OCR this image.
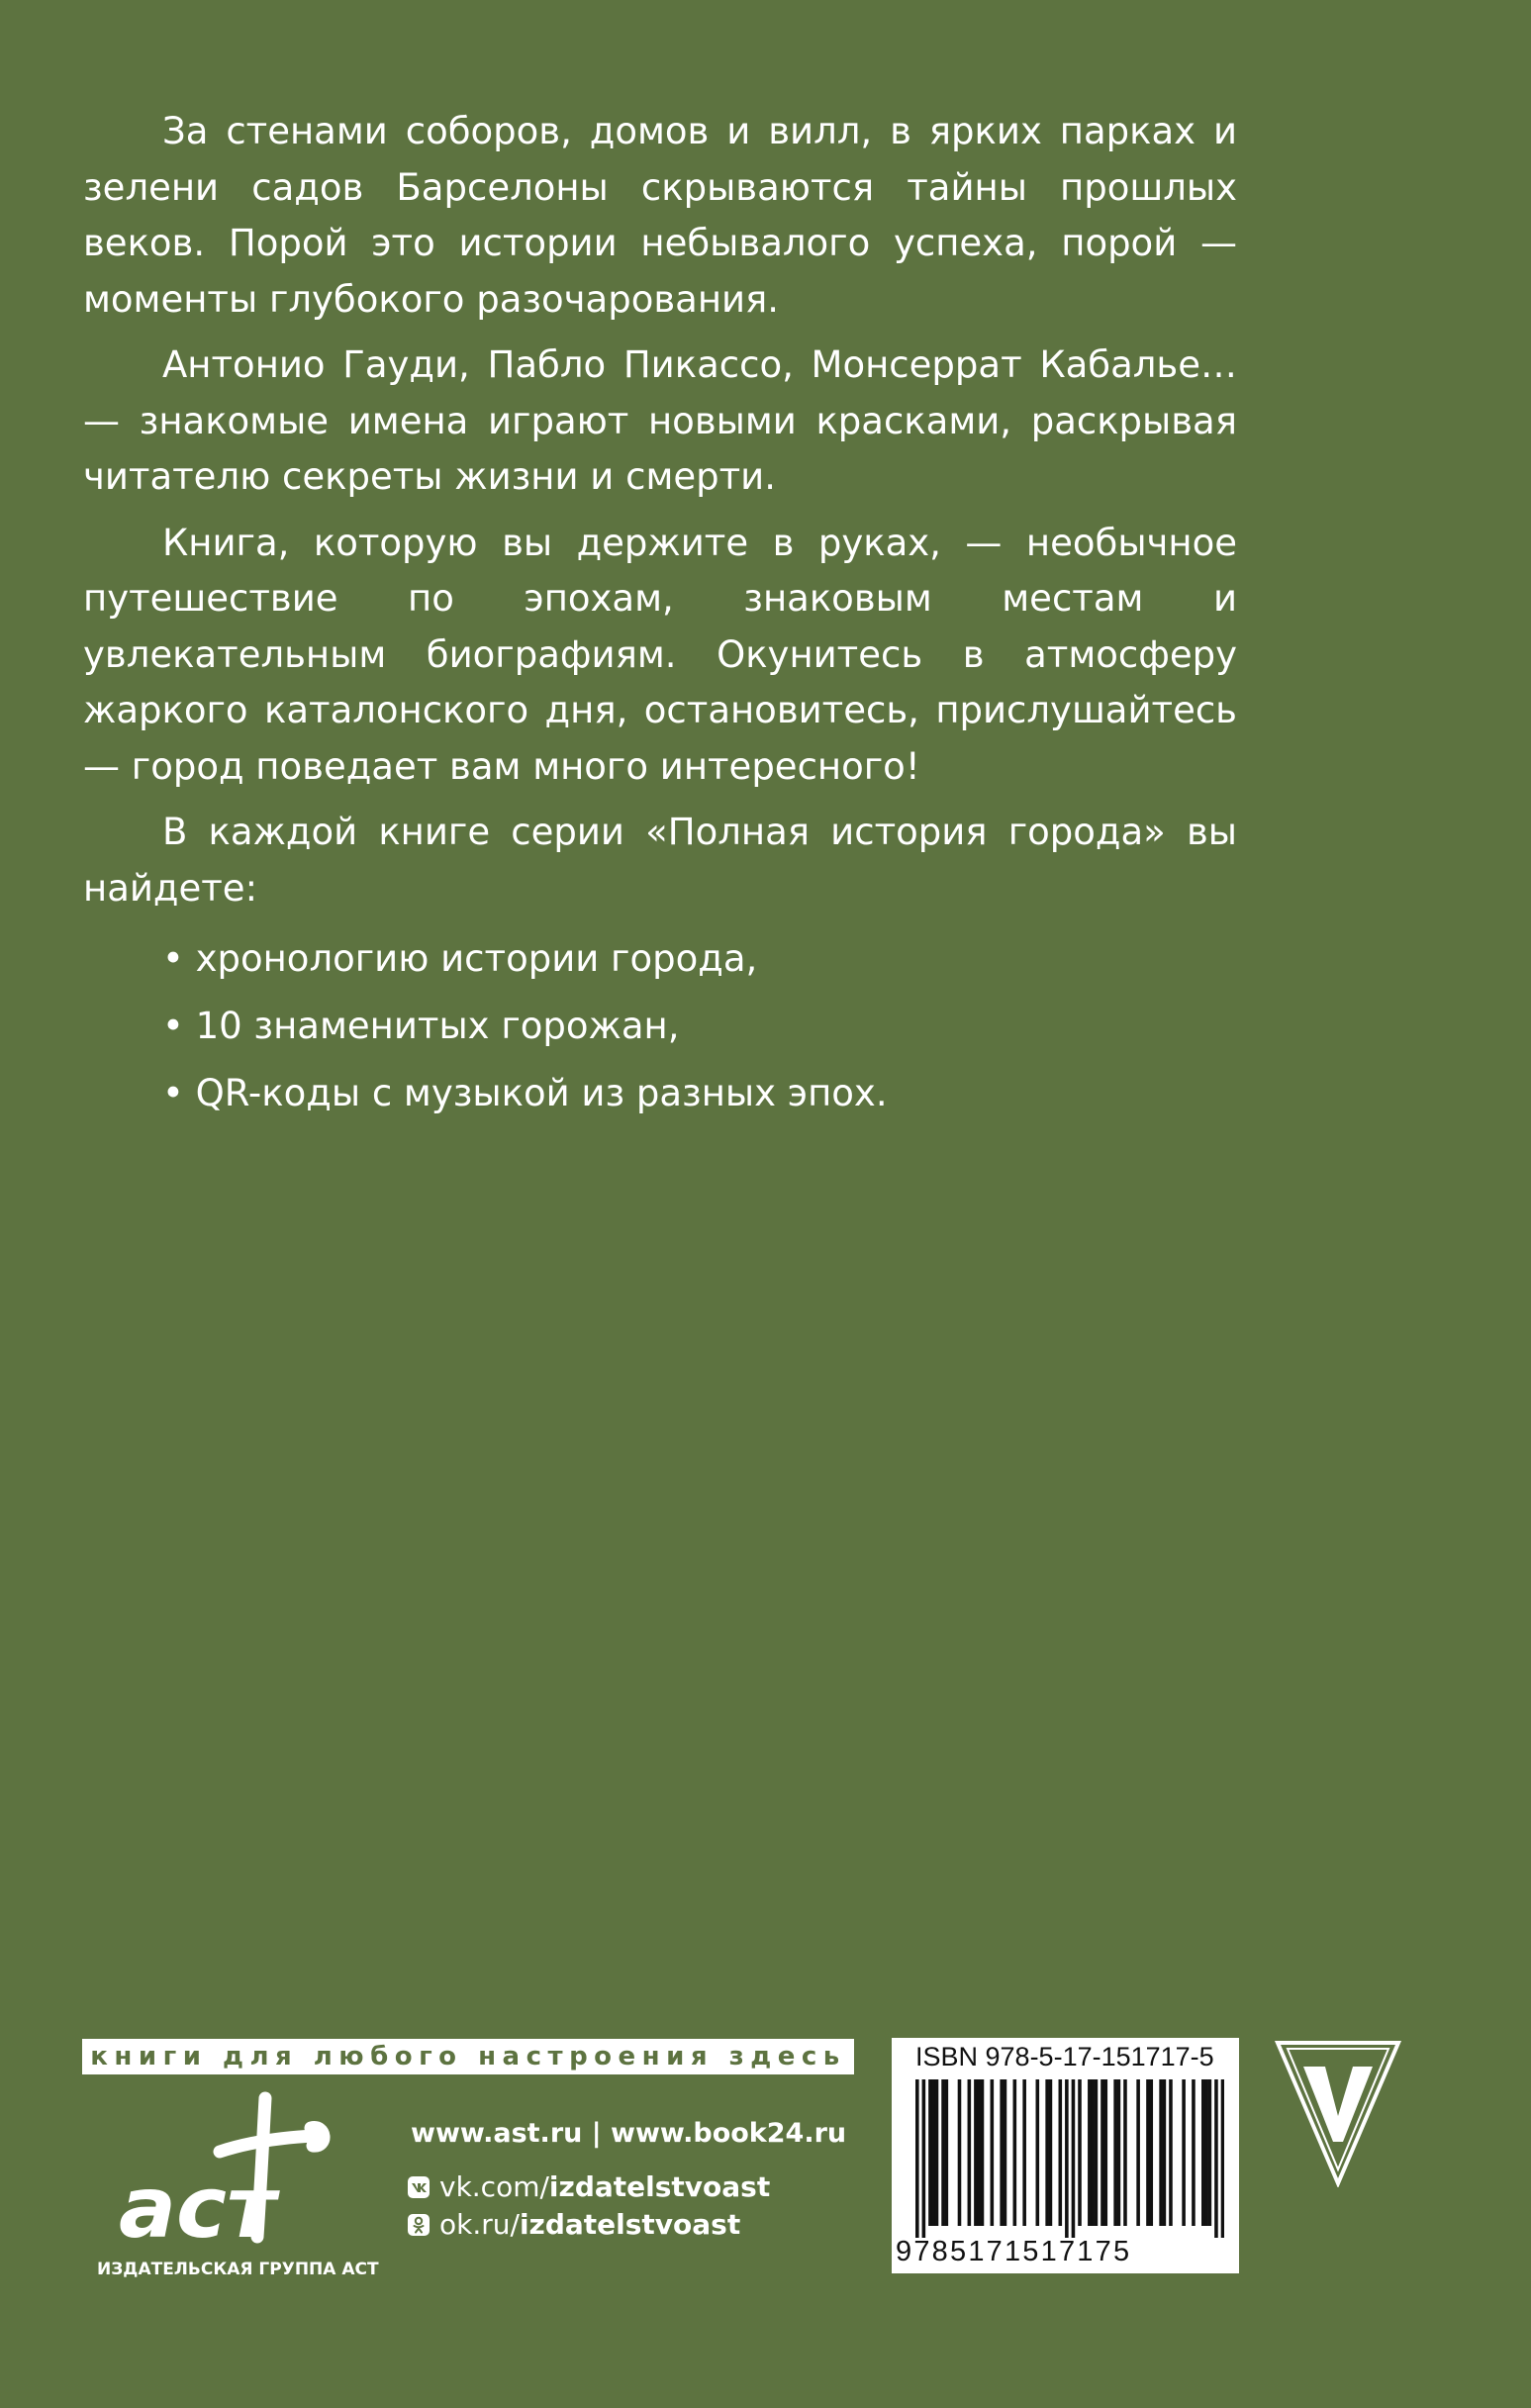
За стенами соборов, домов и вилл, в ярких парках и зелени садов Барселоны скрываются тайны прошлых веков. Порой это истории небывалого успеха, порой — моменты глубокого разочарования.

Антонио Гауди, Пабло Пикассо, Монсеррат Кабалье… — знакомые имена играют новыми красками, раскрывая читателю секреты жизни и смерти.

Книга, которую вы держите в руках, — необычное путешествие по эпохам, знаковым местам и увлекательным биографиям. Окунитесь в атмосферу жаркого каталонского дня, остановитесь, прислушайтесь — город поведает вам много интересного!

В каждой книге серии «Полная история города» вы найдете:

• хронологию истории города,
• 10 знаменитых горожан,
• QR-коды с музыкой из разных эпох.
книги для любого настроения здесь
аст
ИЗДАТЕЛЬСКАЯ ГРУППА АСТ
www.ast.ru | www.book24.ru
vk.com/izdatelstvoast
ok.ru/izdatelstvoast
ISBN 978-5-17-151717-5
9785171517175
